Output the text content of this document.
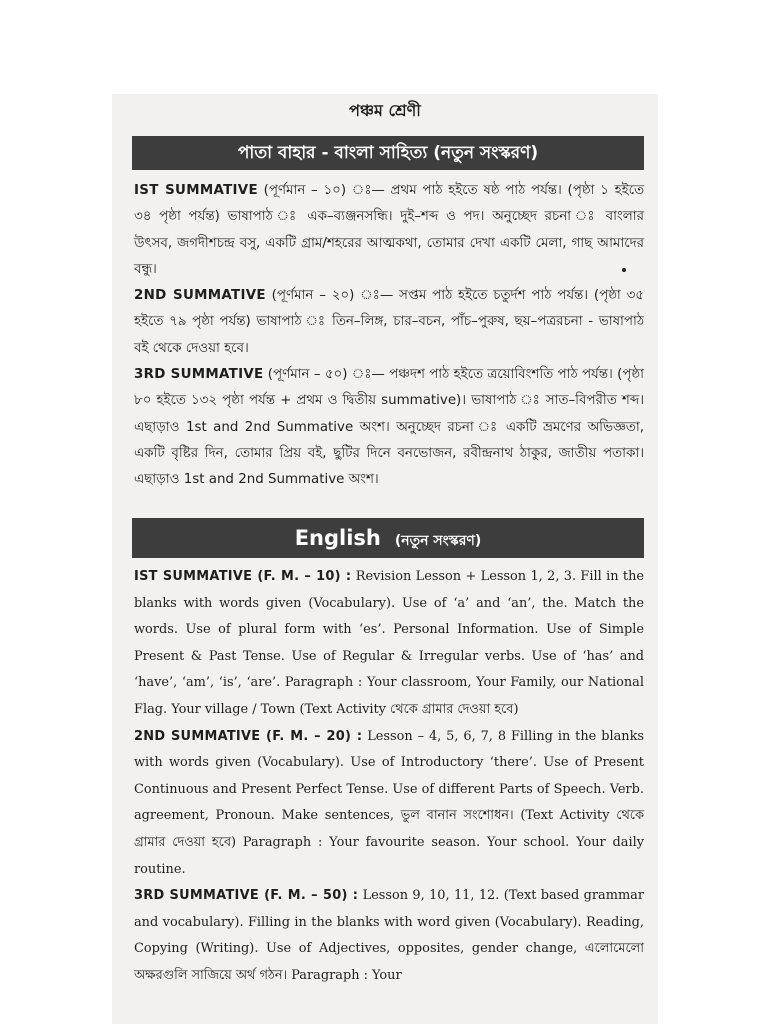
পঞ্চম শ্রেণী
পাতা বাহার - বাংলা সাহিত্য (নতুন সংস্করণ)

IST SUMMATIVE (পূর্ণমান – ১০) ঃ— প্রথম পাঠ হইতে ষষ্ঠ পাঠ পর্যন্ত। (পৃষ্ঠা ১ হইতে ৩৪ পৃষ্ঠা পর্যন্ত) ভাষাপাঠ ঃ এক–ব্যঞ্জনসন্ধি। দুই–শব্দ ও পদ। অনুচ্ছেদ রচনা ঃ বাংলার উৎসব, জগদীশচন্দ্র বসু, একটি গ্রাম/শহরের আত্মকথা, তোমার দেখা একটি মেলা, গাছ আমাদের বন্ধু।

2ND SUMMATIVE (পূর্ণমান – ২০) ঃ— সপ্তম পাঠ হইতে চতুর্দশ পাঠ পর্যন্ত। (পৃষ্ঠা ৩৫ হইতে ৭৯ পৃষ্ঠা পর্যন্ত) ভাষাপাঠ ঃ তিন–লিঙ্গ, চার–বচন, পাঁচ–পুরুষ, ছয়–পত্ররচনা - ভাষাপাঠ বই থেকে দেওয়া হবে।

3RD SUMMATIVE (পূর্ণমান – ৫০) ঃ— পঞ্চদশ পাঠ হইতে ত্রয়োবিংশতি পাঠ পর্যন্ত। (পৃষ্ঠা ৮০ হইতে ১৩২ পৃষ্ঠা পর্যন্ত + প্রথম ও দ্বিতীয় summative)। ভাষাপাঠ ঃ সাত–বিপরীত শব্দ। এছাড়াও 1st and 2nd Summative অংশ। অনুচ্ছেদ রচনা ঃ একটি ভ্রমণের অভিজ্ঞতা, একটি বৃষ্টির দিন, তোমার প্রিয় বই, ছুটির দিনে বনভোজন, রবীন্দ্রনাথ ঠাকুর, জাতীয় পতাকা। এছাড়াও 1st and 2nd Summative অংশ।

English (নতুন সংস্করণ)

IST SUMMATIVE (F. M. – 10) : Revision Lesson + Lesson 1, 2, 3. Fill in the blanks with words given (Vocabulary). Use of ‘a’ and ‘an’, the. Match the words. Use of plural form with ‘es’. Personal Information. Use of Simple Present & Past Tense. Use of Regular & Irregular verbs. Use of ‘has’ and ‘have’, ‘am’, ‘is’, ‘are’. Paragraph : Your classroom, Your Family, our National Flag. Your village / Town (Text Activity থেকে গ্রামার দেওয়া হবে)

2ND SUMMATIVE (F. M. – 20) : Lesson – 4, 5, 6, 7, 8 Filling in the blanks with words given (Vocabulary). Use of Introductory ‘there’. Use of Present Continuous and Present Perfect Tense. Use of different Parts of Speech. Verb. agreement, Pronoun. Make sentences, ভুল বানান সংশোধন। (Text Activity থেকে গ্রামার দেওয়া হবে) Paragraph : Your favourite season. Your school. Your daily routine.

3RD SUMMATIVE (F. M. – 50) : Lesson 9, 10, 11, 12. (Text based grammar and vocabulary). Filling in the blanks with word given (Vocabulary). Reading, Copying (Writing). Use of Adjectives, opposites, gender change, এলোমেলো অক্ষরগুলি সাজিয়ে অর্থ গঠন। Paragraph : Your
